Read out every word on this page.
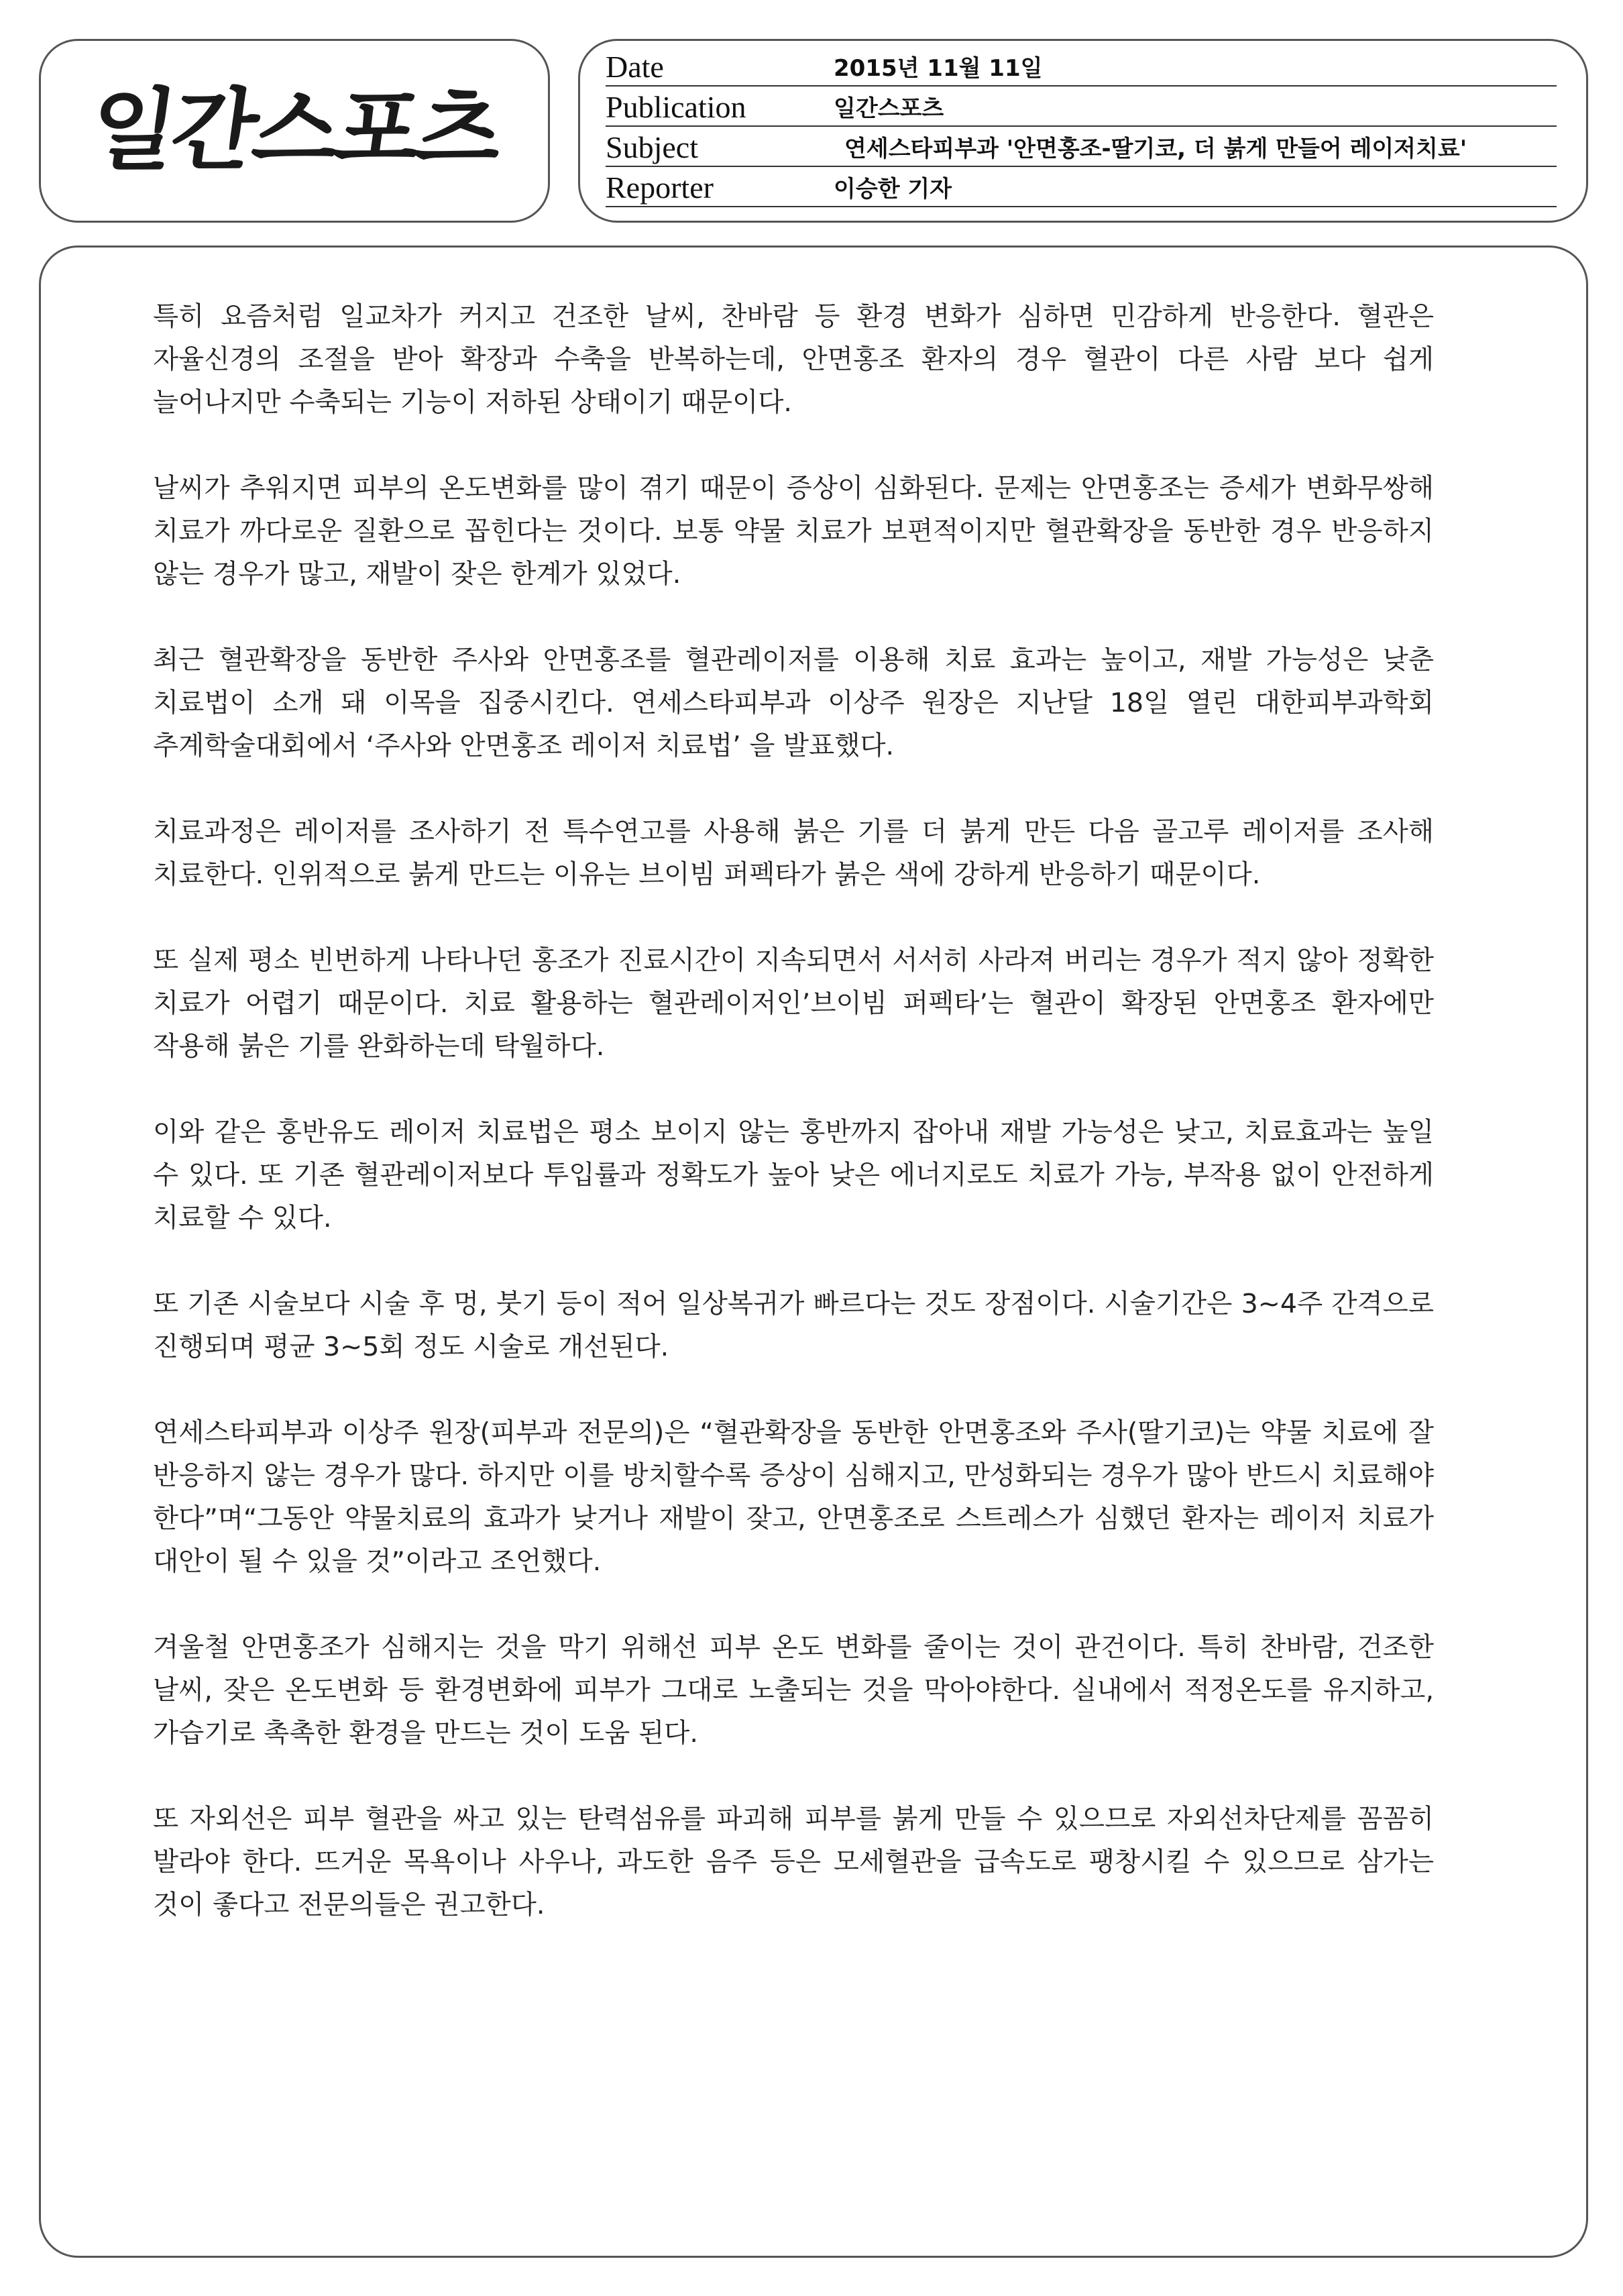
일간스포츠
Date	2015년 11월 11일
Publication	일간스포츠
Subject	연세스타피부과 '안면홍조-딸기코, 더 붉게 만들어 레이저치료'
Reporter	이승한 기자

특히 요즘처럼 일교차가 커지고 건조한 날씨, 찬바람 등 환경 변화가 심하면 민감하게 반응한다. 혈관은 자율신경의 조절을 받아 확장과 수축을 반복하는데, 안면홍조 환자의 경우 혈관이 다른 사람 보다 쉽게 늘어나지만 수축되는 기능이 저하된 상태이기 때문이다.

날씨가 추워지면 피부의 온도변화를 많이 겪기 때문이 증상이 심화된다. 문제는 안면홍조는 증세가 변화무쌍해 치료가 까다로운 질환으로 꼽힌다는 것이다. 보통 약물 치료가 보편적이지만 혈관확장을 동반한 경우 반응하지 않는 경우가 많고, 재발이 잦은 한계가 있었다.

최근 혈관확장을 동반한 주사와 안면홍조를 혈관레이저를 이용해 치료 효과는 높이고, 재발 가능성은 낮춘 치료법이 소개 돼 이목을 집중시킨다. 연세스타피부과 이상주 원장은 지난달 18일 열린 대한피부과학회 추계학술대회에서 ‘주사와 안면홍조 레이저 치료법’ 을 발표했다.

치료과정은 레이저를 조사하기 전 특수연고를 사용해 붉은 기를 더 붉게 만든 다음 골고루 레이저를 조사해 치료한다. 인위적으로 붉게 만드는 이유는 브이빔 퍼펙타가 붉은 색에 강하게 반응하기 때문이다.

또 실제 평소 빈번하게 나타나던 홍조가 진료시간이 지속되면서 서서히 사라져 버리는 경우가 적지 않아 정확한 치료가 어렵기 때문이다. 치료 활용하는 혈관레이저인’브이빔 퍼펙타’는 혈관이 확장된 안면홍조 환자에만 작용해 붉은 기를 완화하는데 탁월하다.

이와 같은 홍반유도 레이저 치료법은 평소 보이지 않는 홍반까지 잡아내 재발 가능성은 낮고, 치료효과는 높일 수 있다. 또 기존 혈관레이저보다 투입률과 정확도가 높아 낮은 에너지로도 치료가 가능, 부작용 없이 안전하게 치료할 수 있다.

또 기존 시술보다 시술 후 멍, 붓기 등이 적어 일상복귀가 빠르다는 것도 장점이다. 시술기간은 3~4주 간격으로 진행되며 평균 3~5회 정도 시술로 개선된다.

연세스타피부과 이상주 원장(피부과 전문의)은 “혈관확장을 동반한 안면홍조와 주사(딸기코)는 약물 치료에 잘 반응하지 않는 경우가 많다. 하지만 이를 방치할수록 증상이 심해지고, 만성화되는 경우가 많아 반드시 치료해야 한다”며“그동안 약물치료의 효과가 낮거나 재발이 잦고, 안면홍조로 스트레스가 심했던 환자는 레이저 치료가 대안이 될 수 있을 것”이라고 조언했다.

겨울철 안면홍조가 심해지는 것을 막기 위해선 피부 온도 변화를 줄이는 것이 관건이다. 특히 찬바람, 건조한 날씨, 잦은 온도변화 등 환경변화에 피부가 그대로 노출되는 것을 막아야한다. 실내에서 적정온도를 유지하고, 가습기로 촉촉한 환경을 만드는 것이 도움 된다.

또 자외선은 피부 혈관을 싸고 있는 탄력섬유를 파괴해 피부를 붉게 만들 수 있으므로 자외선차단제를 꼼꼼히 발라야 한다. 뜨거운 목욕이나 사우나, 과도한 음주 등은 모세혈관을 급속도로 팽창시킬 수 있으므로 삼가는 것이 좋다고 전문의들은 권고한다.
